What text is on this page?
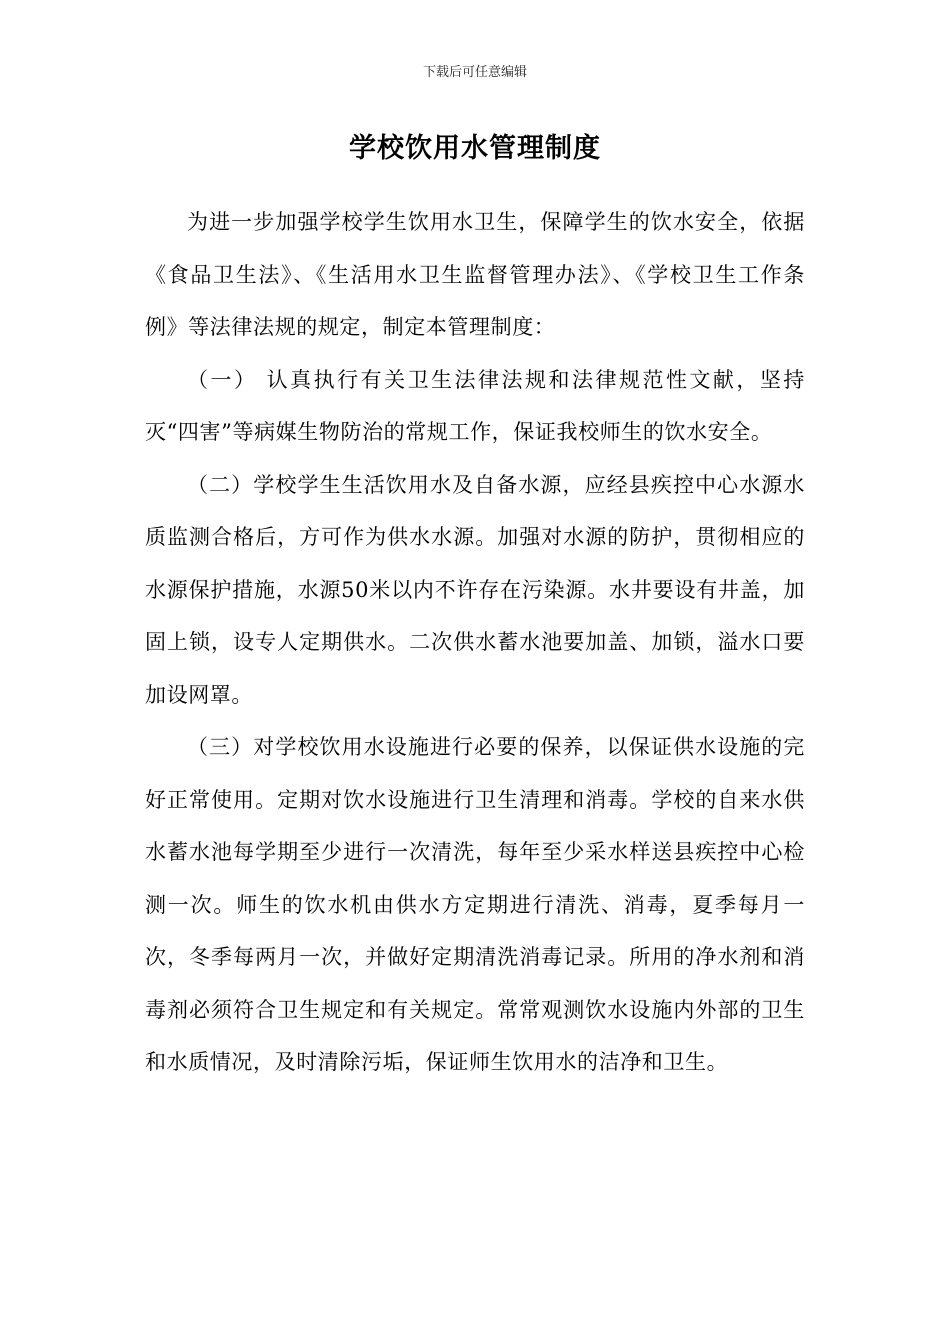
下载后可任意编辑
学校饮用水管理制度

为进一步加强学校学生饮用水卫生，保障学生的饮水安全，依据《食品卫生法》、《生活用水卫生监督管理办法》、《学校卫生工作条例》等法律法规的规定，制定本管理制度：

（一） 认真执行有关卫生法律法规和法律规范性文献，坚持灭“四害”等病媒生物防治的常规工作，保证我校师生的饮水安全。

（二）学校学生生活饮用水及自备水源，应经县疾控中心水源水质监测合格后，方可作为供水水源。加强对水源的防护，贯彻相应的水源保护措施，水源50米以内不许存在污染源。水井要设有井盖，加固上锁，设专人定期供水。二次供水蓄水池要加盖、加锁，溢水口要加设网罩。

（三）对学校饮用水设施进行必要的保养，以保证供水设施的完好正常使用。定期对饮水设施进行卫生清理和消毒。学校的自来水供水蓄水池每学期至少进行一次清洗，每年至少采水样送县疾控中心检测一次。师生的饮水机由供水方定期进行清洗、消毒，夏季每月一次，冬季每两月一次，并做好定期清洗消毒记录。所用的净水剂和消毒剂必须符合卫生规定和有关规定。常常观测饮水设施内外部的卫生和水质情况，及时清除污垢，保证师生饮用水的洁净和卫生。
